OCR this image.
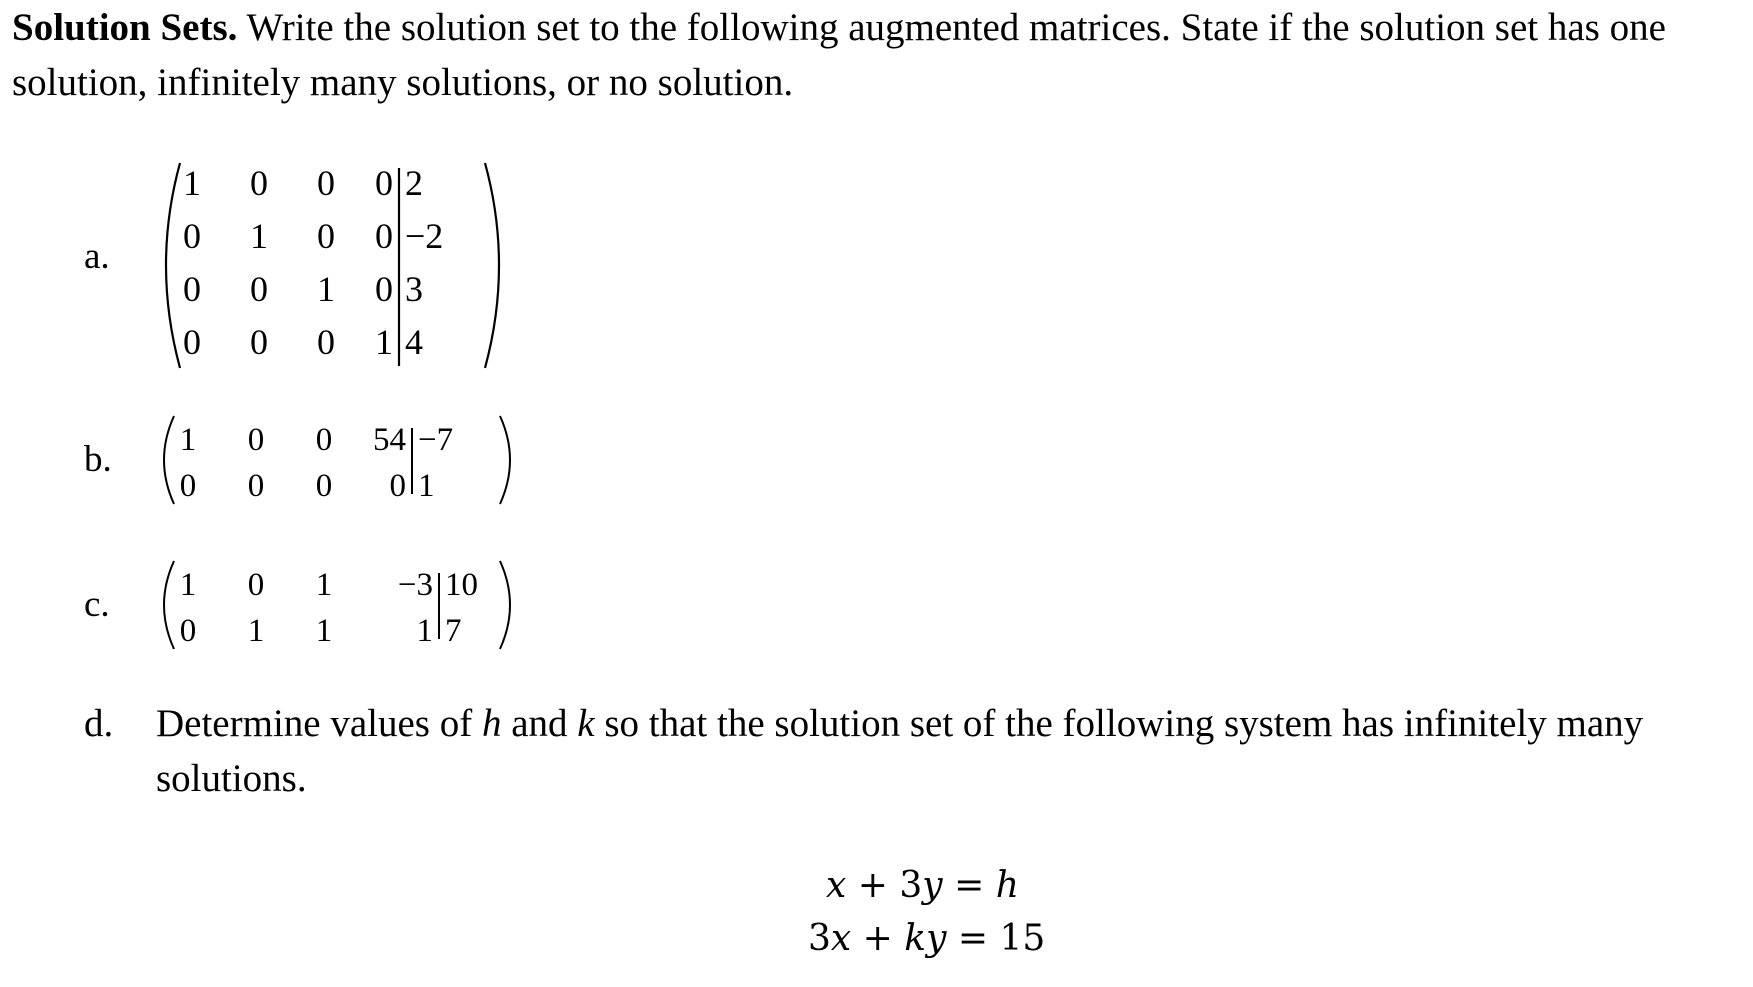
Solution Sets. Write the solution set to the following augmented matrices. State if the solution set has one solution, infinitely many solutions, or no solution.
a.
1 0 0 0 2
0 1 0 0 −2
0 0 1 0 3
0 0 0 1 4
b. 1 0 0 54 −7
0 0 0 0 1
c. 1 0 1 −3 10
0 1 1	1 7
d. Determine values of h and k so that the solution set of the following system has infinitely many solutions.
x + 3y = h
3x + ky = 15
